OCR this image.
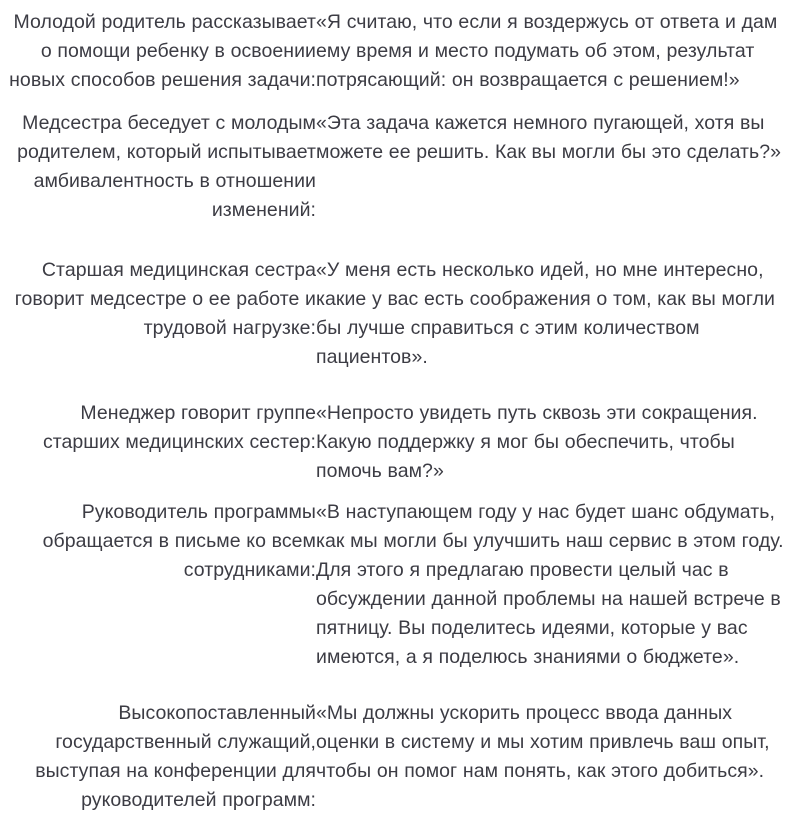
Молодой родитель рассказывает о помощи ребенку в освоении новых способов решения задачи:	«Я считаю, что если я воздержусь от ответа и дам ему время и место подумать об этом, результат потрясающий: он возвращается с решением!»

Медсестра беседует с молодым родителем, который испытывает амбивалентность в отношении изменений:	«Эта задача кажется немного пугающей, хотя вы можете ее решить. Как вы могли бы это сделать?»

Старшая медицинская сестра говорит медсестре о ее работе и трудовой нагрузке:	«У меня есть несколько идей, но мне интересно, какие у вас есть соображения о том, как вы могли бы лучше справиться с этим количеством пациентов».

Менеджер говорит группе старших медицинских сестер:	«Непросто увидеть путь сквозь эти сокращения. Какую поддержку я мог бы обеспечить, чтобы помочь вам?»

Руководитель программы обращается в письме ко всем сотрудниками:	«В наступающем году у нас будет шанс обдумать, как мы могли бы улучшить наш сервис в этом году. Для этого я предлагаю провести целый час в обсуждении данной проблемы на нашей встрече в пятницу. Вы поделитесь идеями, которые у вас имеются, а я поделюсь знаниями о бюджете».

Высокопоставленный государственный служащий, выступая на конференции для руководителей программ:	«Мы должны ускорить процесс ввода данных оценки в систему и мы хотим привлечь ваш опыт, чтобы он помог нам понять, как этого добиться».
